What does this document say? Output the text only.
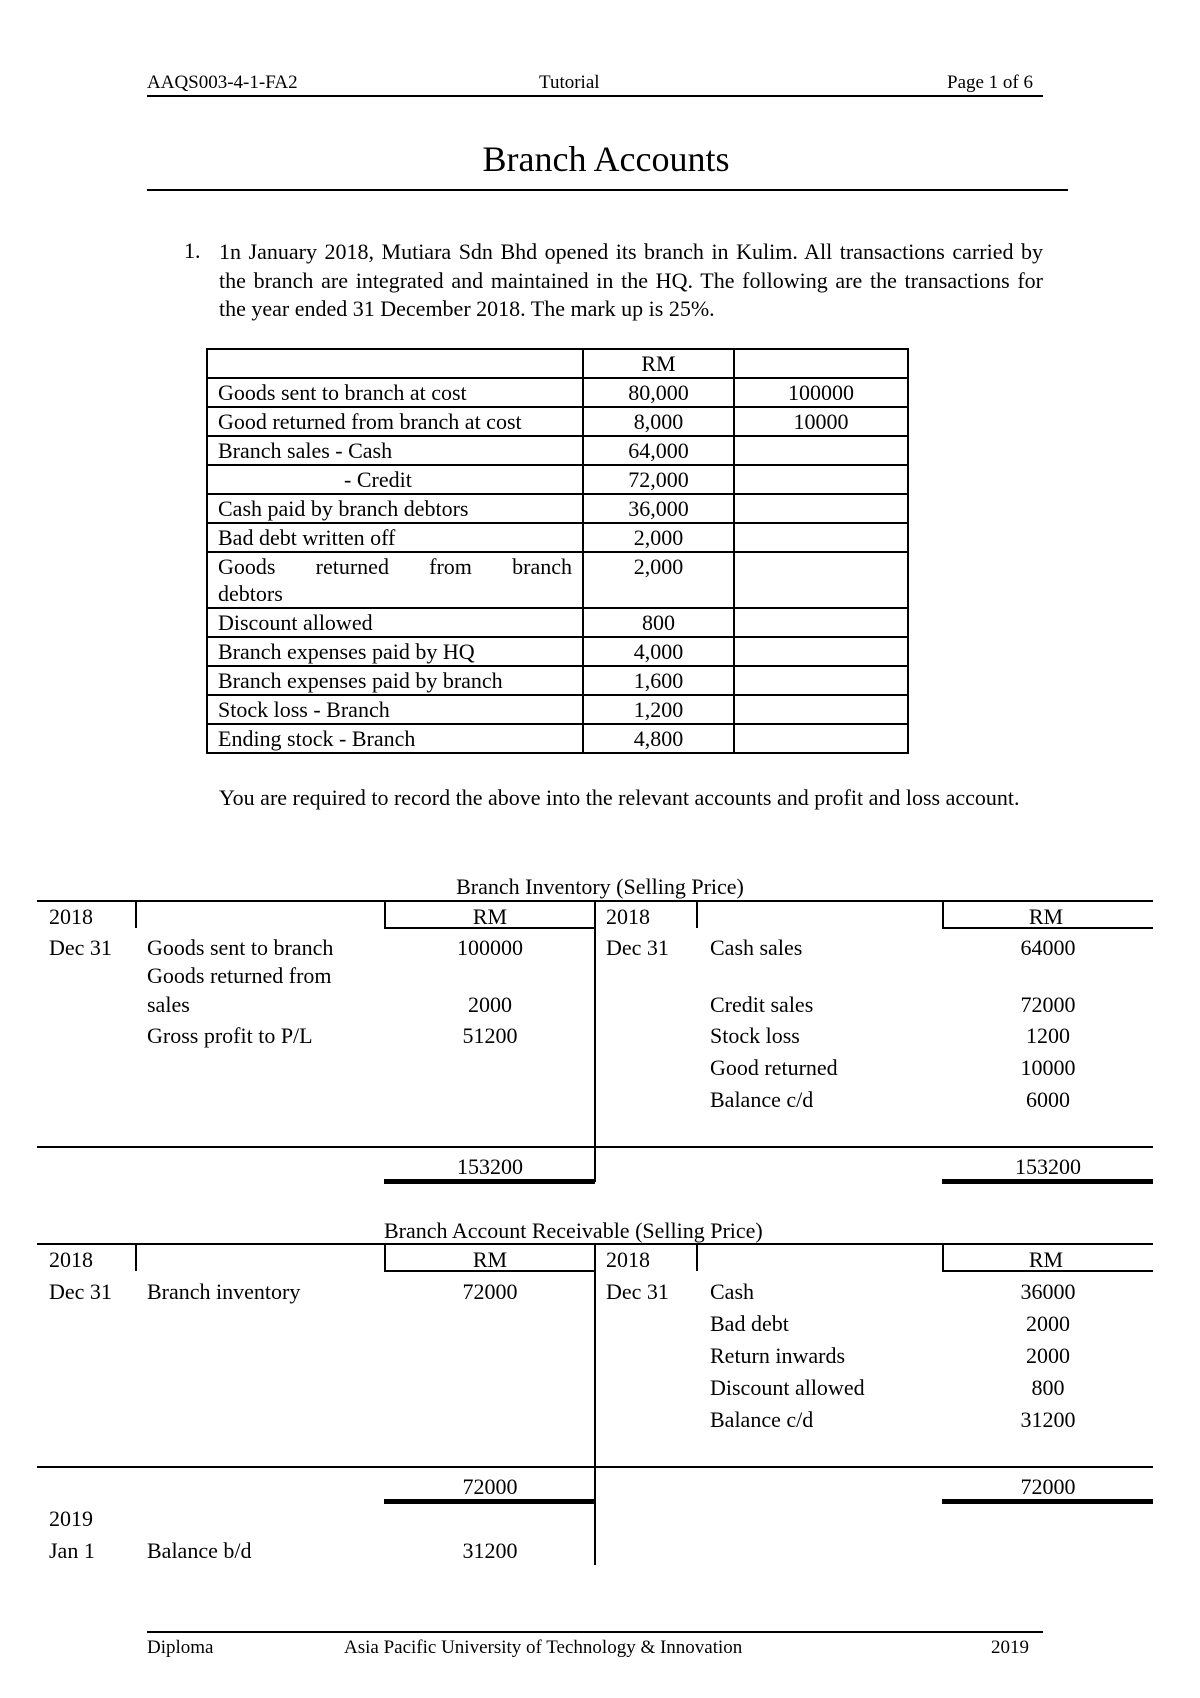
AAQS003-4-1-FA2	Tutorial	Page 1 of 6
Branch Accounts
1. 1n January 2018, Mutiara Sdn Bhd opened its branch in Kulim. All transactions carried by the branch are integrated and maintained in the HQ. The following are the transactions for the year ended 31 December 2018. The mark up is 25%.
	RM	
Goods sent to branch at cost	80,000	100000
Good returned from branch at cost	8,000	10000
Branch sales - Cash	64,000	
- Credit	72,000	
Cash paid by branch debtors	36,000	
Bad debt written off	2,000	

Goods returned from branch
debtors	2,000	
Discount allowed	800	
Branch expenses paid by HQ	4,000	
Branch expenses paid by branch	1,600	
Stock loss - Branch	1,200	
Ending stock - Branch	4,800	
You are required to record the above into the relevant accounts and profit and loss account.
Branch Inventory (Selling Price)
2018	RM	2018	RM
Dec 31 Goods sent to branch	100000
Goods returned from
sales	2000
Gross profit to P/L	51200
Dec 31 Cash sales	64000
Credit sales	72000
Stock loss	1200
Good returned	10000
Balance c/d	6000
153200	153200
Branch Account Receivable (Selling Price)
2018	RM	2018	RM
Dec 31 Branch inventory	72000	Dec 31 Cash	36000
Bad debt	2000
Return inwards	2000
Discount allowed	800
Balance c/d	31200
72000	72000
2019
Jan 1 Balance b/d	31200
Diploma	Asia Pacific University of Technology & Innovation	2019
